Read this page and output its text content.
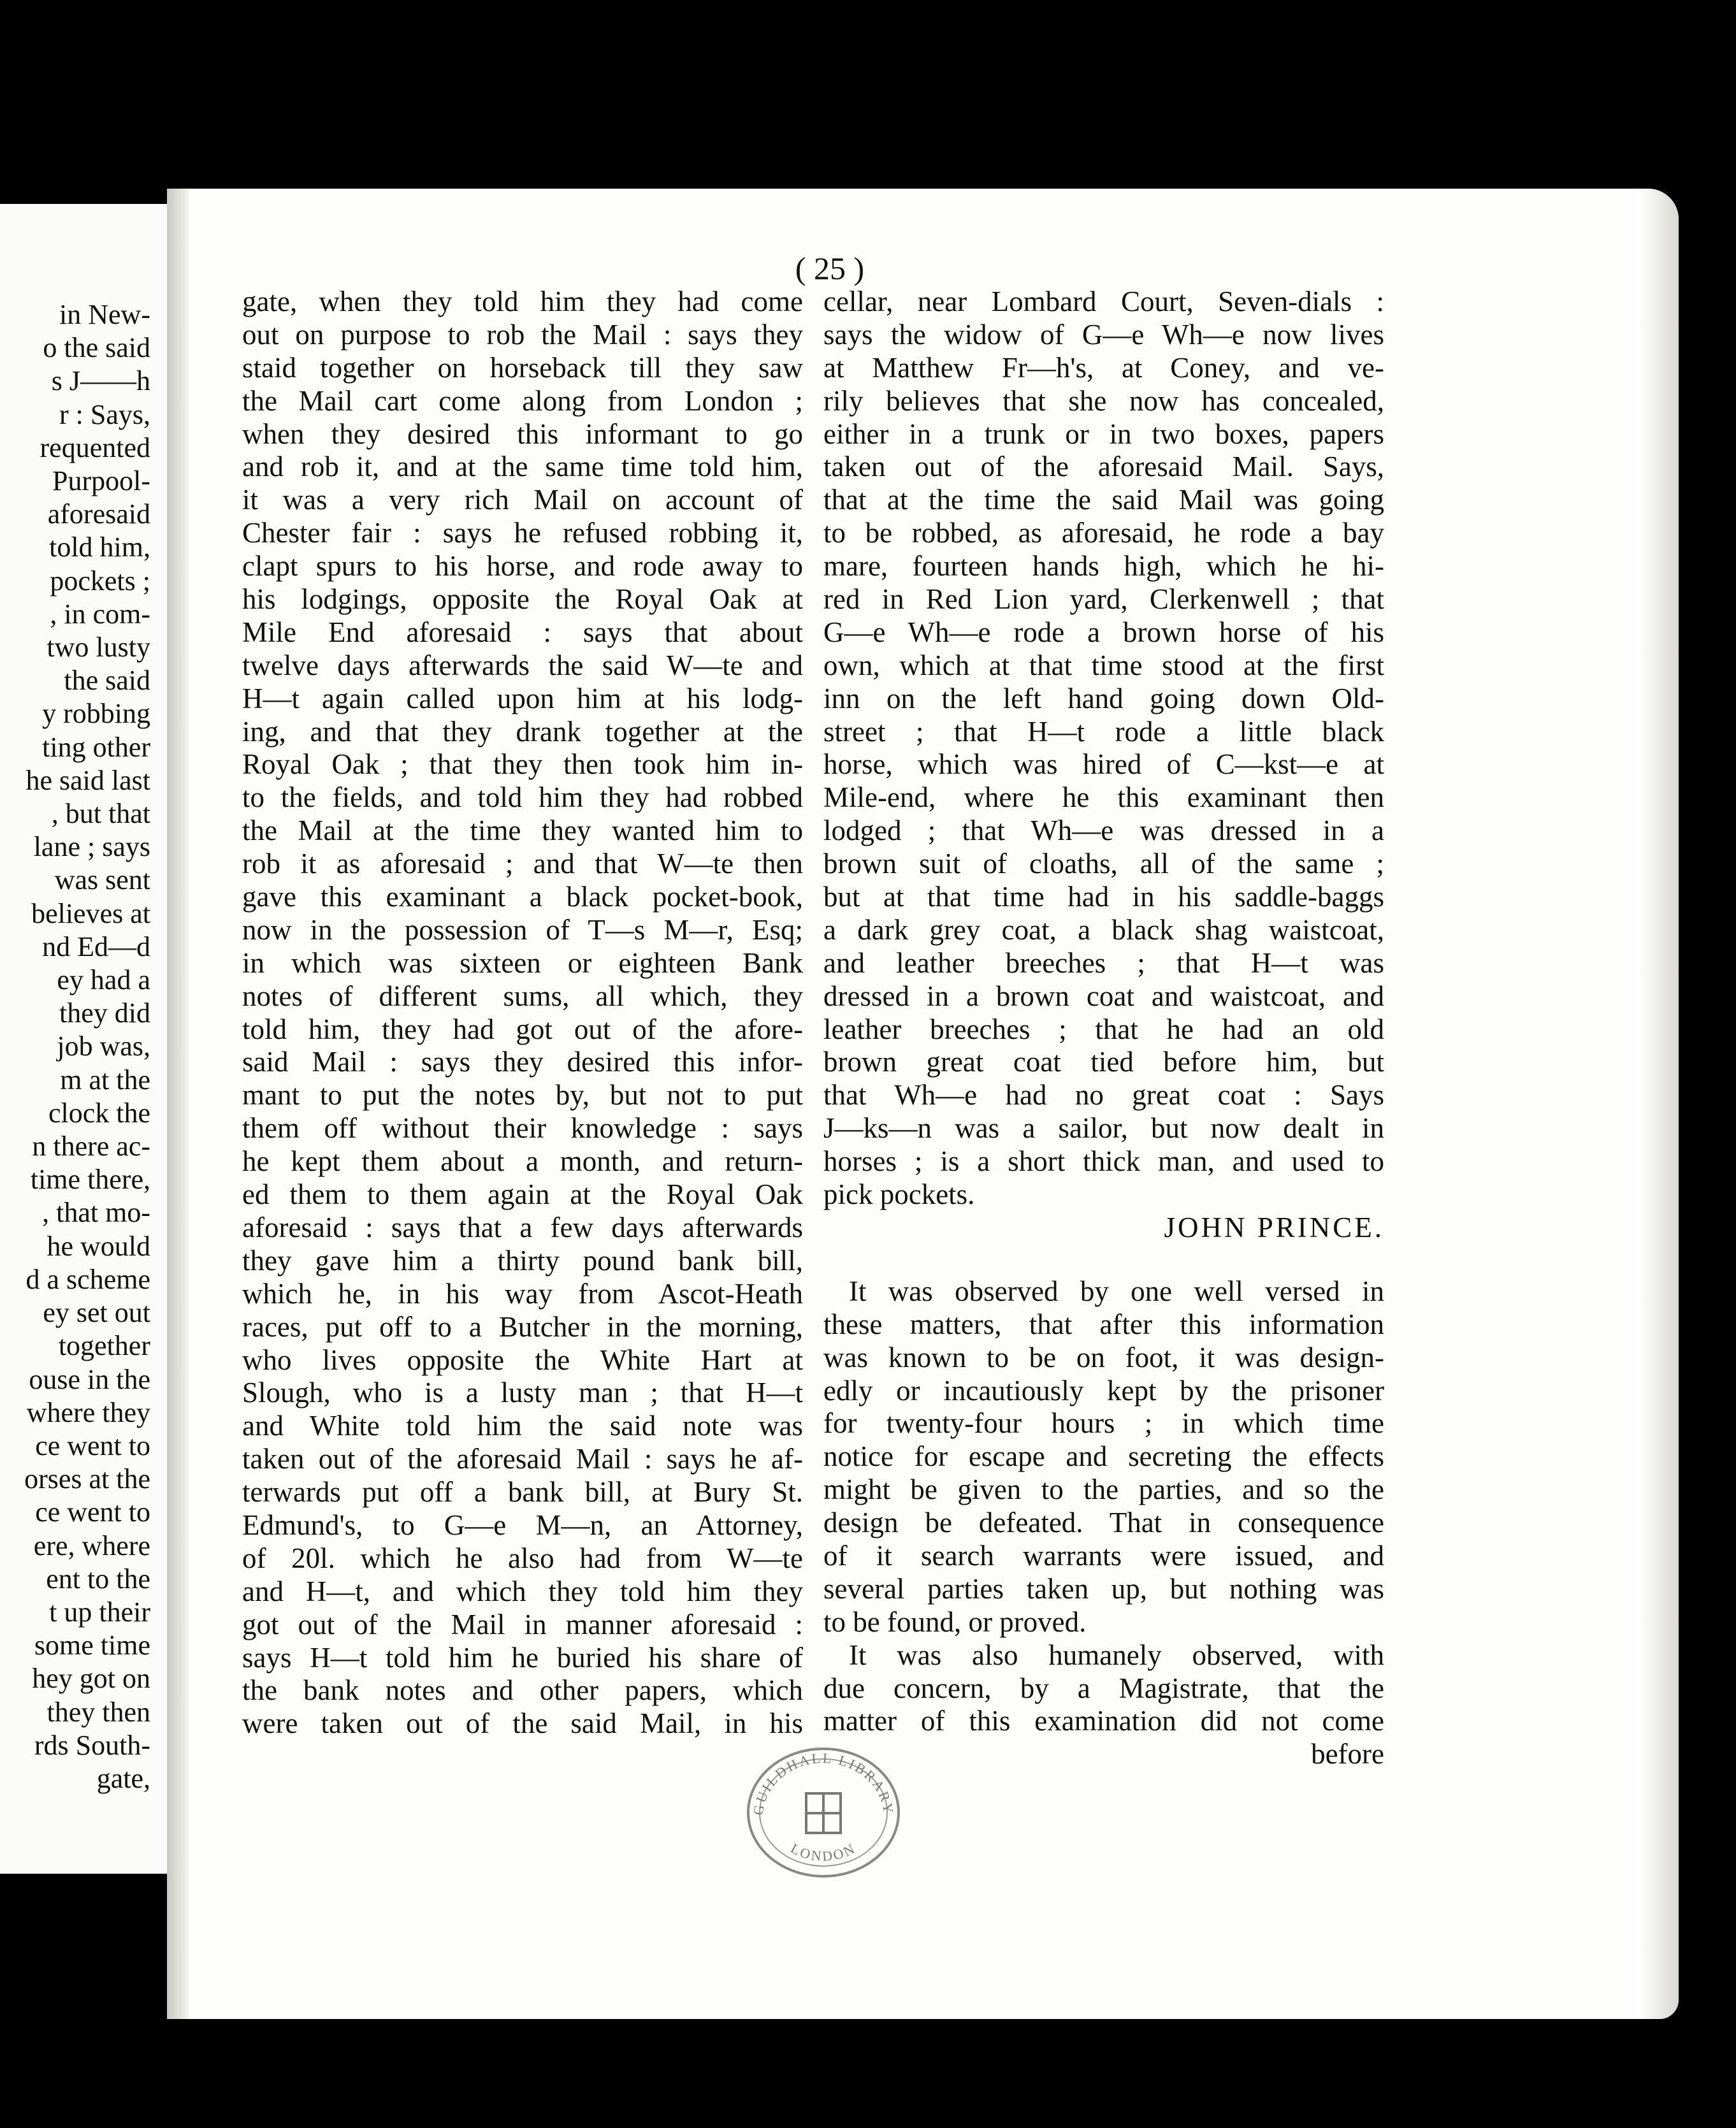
in New-
o the said
s J——h
r : Says,
requented
Purpool-
aforesaid
told him,
pockets ;
, in com-
two lusty
the said
y robbing
ting other
he said last
, but that
lane ; says
was sent
believes at
nd Ed—d
ey had a
they did
job was,
m at the
clock the
n there ac-
time there,
, that mo-
he would
d a scheme
ey set out
together
ouse in the
where they
ce went to
orses at the
ce went to
ere, where
ent to the
t up their
some time
hey got on
they then
rds South-
gate,
( 25 )
gate, when they told him they had come
out on purpose to rob the Mail : says they
staid together on horseback till they saw
the Mail cart come along from London ;
when they desired this informant to go
and rob it, and at the same time told him,
it was a very rich Mail on account of
Chester fair : says he refused robbing it,
clapt spurs to his horse, and rode away to
his lodgings, opposite the Royal Oak at
Mile End aforesaid : says that about
twelve days afterwards the said W—te and
H—t again called upon him at his lodg-
ing, and that they drank together at the
Royal Oak ; that they then took him in-
to the fields, and told him they had robbed
the Mail at the time they wanted him to
rob it as aforesaid ; and that W—te then
gave this examinant a black pocket-book,
now in the possession of T—s M—r, Esq;
in which was sixteen or eighteen Bank
notes of different sums, all which, they
told him, they had got out of the afore-
said Mail : says they desired this infor-
mant to put the notes by, but not to put
them off without their knowledge : says
he kept them about a month, and return-
ed them to them again at the Royal Oak
aforesaid : says that a few days afterwards
they gave him a thirty pound bank bill,
which he, in his way from Ascot-Heath
races, put off to a Butcher in the morning,
who lives opposite the White Hart at
Slough, who is a lusty man ; that H—t
and White told him the said note was
taken out of the aforesaid Mail : says he af-
terwards put off a bank bill, at Bury St.
Edmund's, to G—e M—n, an Attorney,
of 20l. which he also had from W—te
and H—t, and which they told him they
got out of the Mail in manner aforesaid :
says H—t told him he buried his share of
the bank notes and other papers, which
were taken out of the said Mail, in his
cellar, near Lombard Court, Seven-dials :
says the widow of G—e Wh—e now lives
at Matthew Fr—h's, at Coney, and ve-
rily believes that she now has concealed,
either in a trunk or in two boxes, papers
taken out of the aforesaid Mail. Says,
that at the time the said Mail was going
to be robbed, as aforesaid, he rode a bay
mare, fourteen hands high, which he hi-
red in Red Lion yard, Clerkenwell ; that
G—e Wh—e rode a brown horse of his
own, which at that time stood at the first
inn on the left hand going down Old-
street ; that H—t rode a little black
horse, which was hired of C—kst—e at
Mile-end, where he this examinant then
lodged ; that Wh—e was dressed in a
brown suit of cloaths, all of the same ;
but at that time had in his saddle-baggs
a dark grey coat, a black shag waistcoat,
and leather breeches ; that H—t was
dressed in a brown coat and waistcoat, and
leather breeches ; that he had an old
brown great coat tied before him, but
that Wh—e had no great coat : Says
J—ks—n was a sailor, but now dealt in
horses ; is a short thick man, and used to
pick pockets.
JOHN PRINCE.
It was observed by one well versed in
these matters, that after this information
was known to be on foot, it was design-
edly or incautiously kept by the prisoner
for twenty-four hours ; in which time
notice for escape and secreting the effects
might be given to the parties, and so the
design be defeated. That in consequence
of it search warrants were issued, and
several parties taken up, but nothing was
to be found, or proved.
It was also humanely observed, with
due concern, by a Magistrate, that the
matter of this examination did not come
before
GUILDHALL LIBRARY
LONDON
